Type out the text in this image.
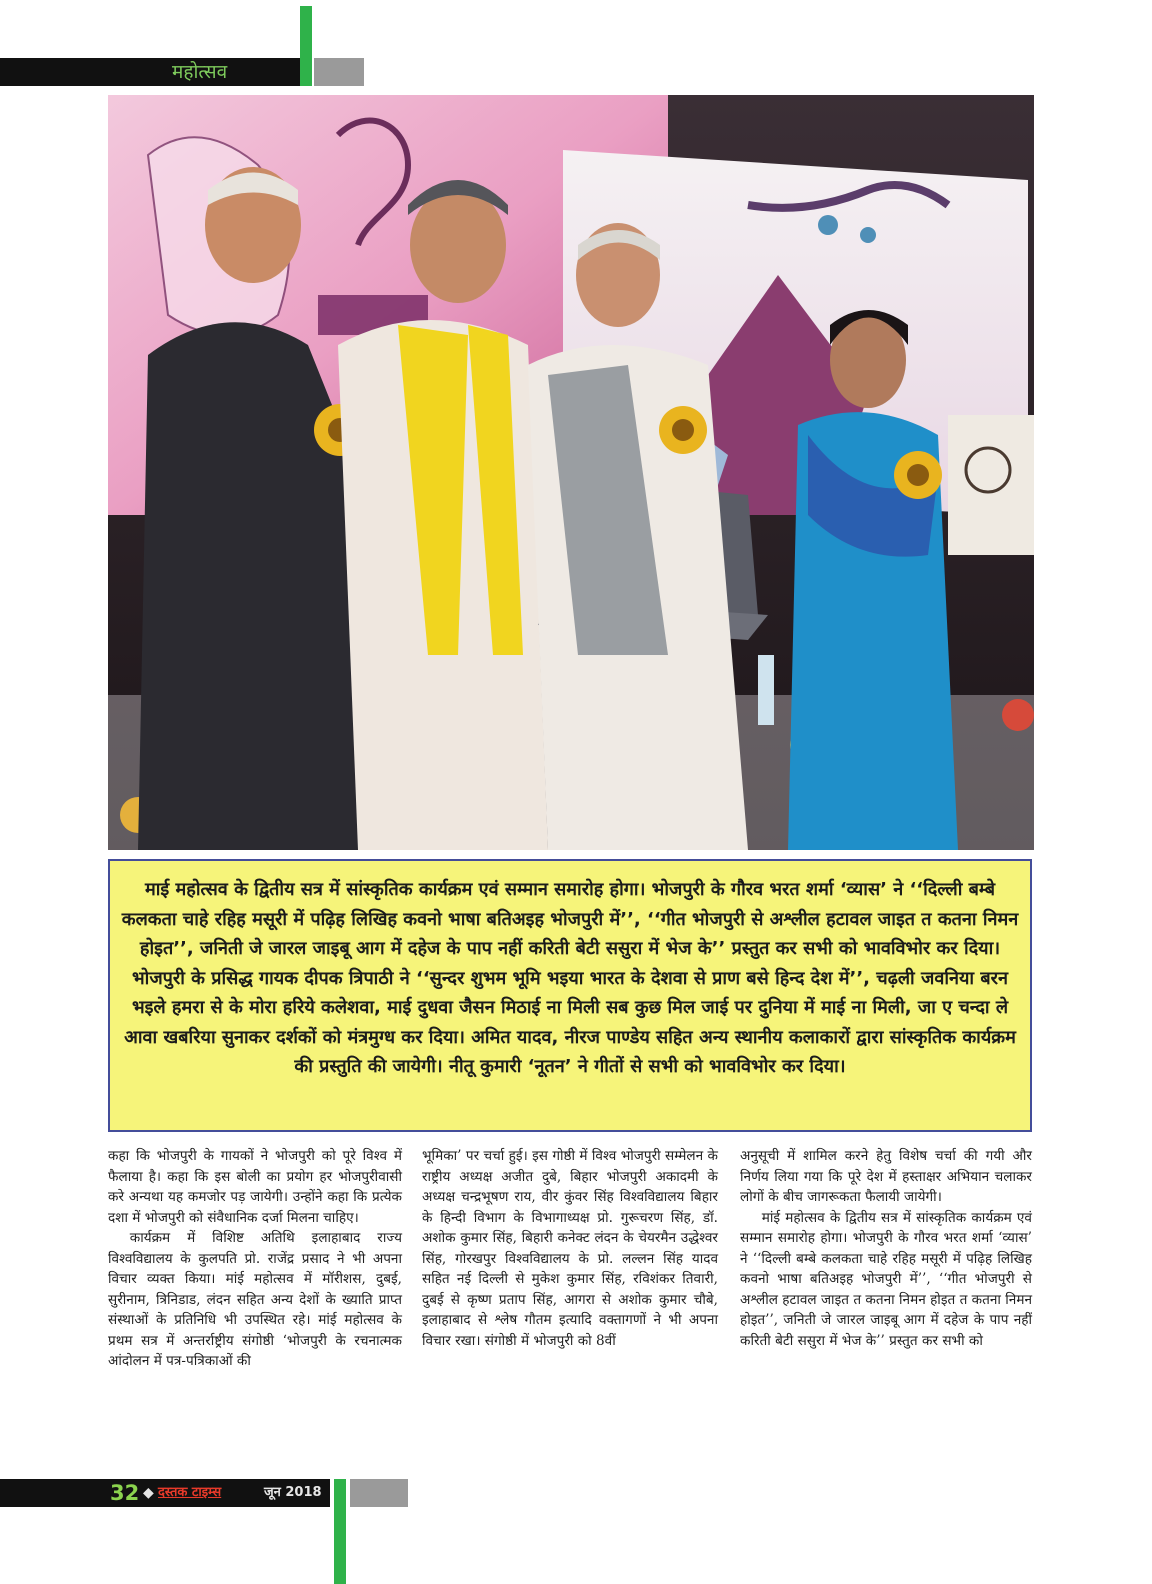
महोत्सव
माई महोत्सव के द्वितीय सत्र में सांस्कृतिक कार्यक्रम एवं सम्मान समारोह होगा। भोजपुरी के गौरव भरत शर्मा ‘व्यास’ ने ‘‘दिल्ली बम्बे कलकता चाहे रहिह मसूरी में पढ़िह लिखिह कवनो भाषा बतिअइह भोजपुरी में’’, ‘‘गीत भोजपुरी से अश्लील हटावल जाइत त कतना निमन होइत’’, जनिती जे जारल जाइबू आग में दहेज के पाप नहीं करिती बेटी ससुरा में भेज के’’ प्रस्तुत कर सभी को भावविभोर कर दिया। भोजपुरी के प्रसिद्ध गायक दीपक त्रिपाठी ने ‘‘सुन्दर शुभम भूमि भइया भारत के देशवा से प्राण बसे हिन्द देश में’’, चढ़ली जवनिया बरन भइले हमरा से के मोरा हरिये कलेशवा, माई दुधवा जैसन मिठाई ना मिली सब कुछ मिल जाई पर दुनिया में माई ना मिली, जा ए चन्दा ले आवा खबरिया सुनाकर दर्शकों को मंत्रमुग्ध कर दिया। अमित यादव, नीरज पाण्डेय सहित अन्य स्थानीय कलाकारों द्वारा सांस्कृतिक कार्यक्रम की प्रस्तुति की जायेगी। नीतू कुमारी ‘नूतन’ ने गीतों से सभी को भावविभोर कर दिया।

कहा कि भोजपुरी के गायकों ने भोजपुरी को पूरे विश्व में फैलाया है। कहा कि इस बोली का प्रयोग हर भोजपुरीवासी करे अन्यथा यह कमजोर पड़ जायेगी। उन्होंने कहा कि प्रत्येक दशा में भोजपुरी को संवैधानिक दर्जा मिलना चाहिए।

कार्यक्रम में विशिष्ट अतिथि इलाहाबाद राज्य विश्वविद्यालय के कुलपति प्रो. राजेंद्र प्रसाद ने भी अपना विचार व्यक्त किया। मांई महोत्सव में मॉरीशस, दुबई, सुरीनाम, त्रिनिडाड, लंदन सहित अन्य देशों के ख्याति प्राप्त संस्थाओं के प्रतिनिधि भी उपस्थित रहे। मांई महोत्सव के प्रथम सत्र में अन्तर्राष्ट्रीय संगोष्ठी ‘भोजपुरी के रचनात्मक आंदोलन में पत्र-पत्रिकाओं की

भूमिका’ पर चर्चा हुई। इस गोष्ठी में विश्व भोजपुरी सम्मेलन के राष्ट्रीय अध्यक्ष अजीत दुबे, बिहार भोजपुरी अकादमी के अध्यक्ष चन्द्रभूषण राय, वीर कुंवर सिंह विश्वविद्यालय बिहार के हिन्दी विभाग के विभागाध्यक्ष प्रो. गुरूचरण सिंह, डॉ. अशोक कुमार सिंह, बिहारी कनेक्ट लंदन के चेयरमैन उद्धेश्वर सिंह, गोरखपुर विश्वविद्यालय के प्रो. लल्लन सिंह यादव सहित नई दिल्ली से मुकेश कुमार सिंह, रविशंकर तिवारी, दुबई से कृष्ण प्रताप सिंह, आगरा से अशोक कुमार चौबे, इलाहाबाद से श्लेष गौतम इत्यादि वक्तागणों ने भी अपना विचार रखा। संगोष्ठी में भोजपुरी को 8वीं

अनुसूची में शामिल करने हेतु विशेष चर्चा की गयी और निर्णय लिया गया कि पूरे देश में हस्ताक्षर अभियान चलाकर लोगों के बीच जागरूकता फैलायी जायेगी।

मांई महोत्सव के द्वितीय सत्र में सांस्कृतिक कार्यक्रम एवं सम्मान समारोह होगा। भोजपुरी के गौरव भरत शर्मा ‘व्यास’ ने ‘‘दिल्ली बम्बे कलकता चाहे रहिह मसूरी में पढ़िह लिखिह कवनो भाषा बतिअइह भोजपुरी में’’, ‘‘गीत भोजपुरी से अश्लील हटावल जाइत त कतना निमन होइत त कतना निमन होइत’’, जनिती जे जारल जाइबू आग में दहेज के पाप नहीं करिती बेटी ससुरा में भेज के’’ प्रस्तुत कर सभी को

32 ◆ दस्तक टाइम्स	जून 2018
